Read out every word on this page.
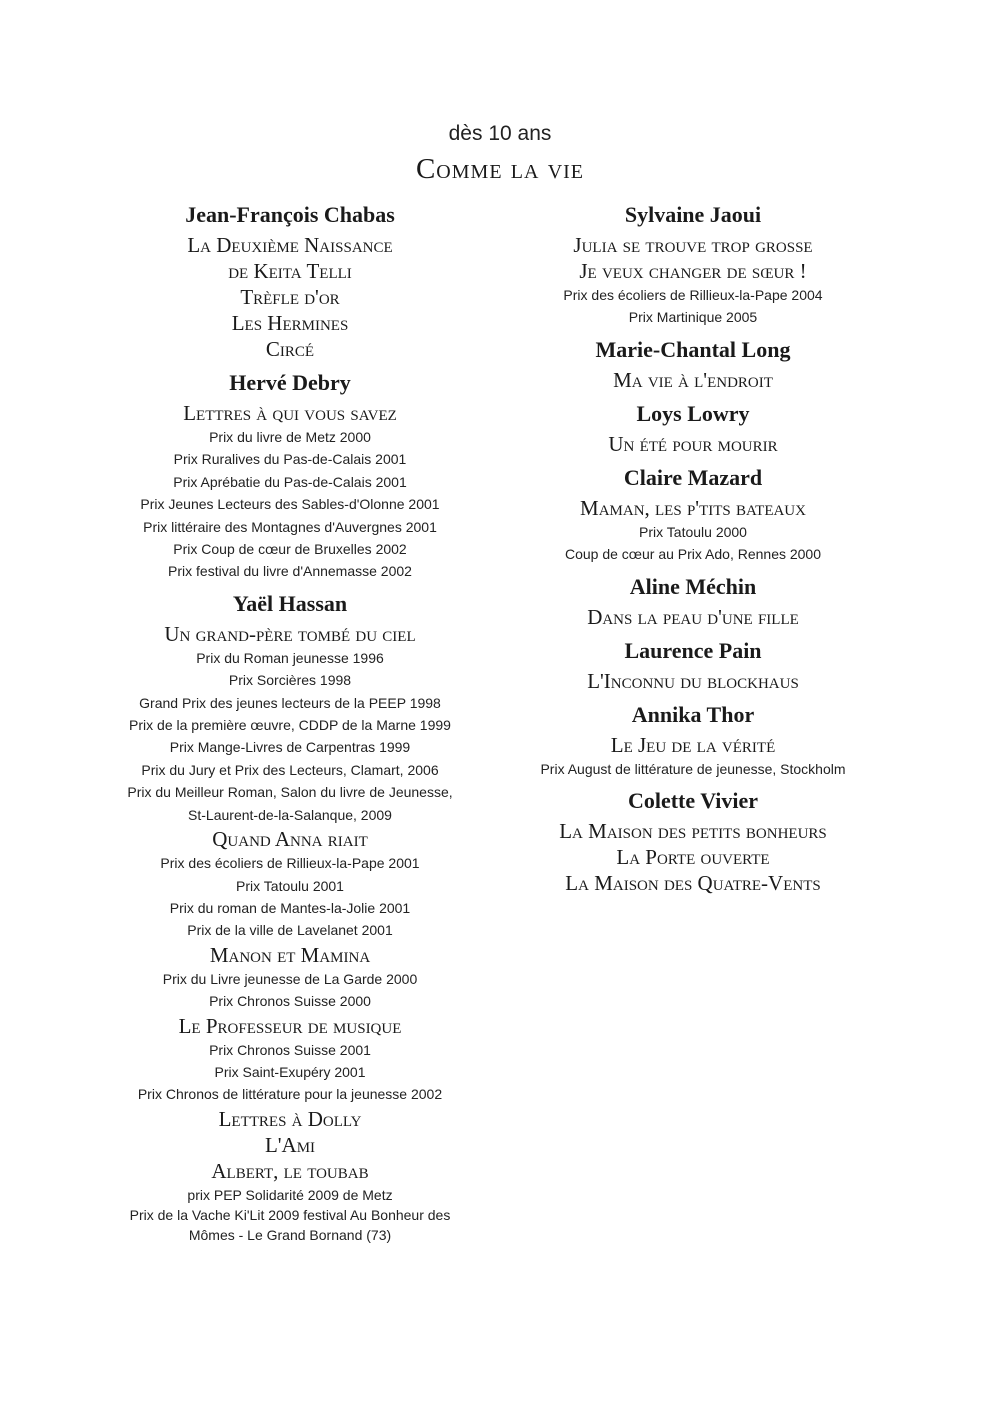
dès 10 ans
Comme la vie
Jean-François Chabas
La Deuxième Naissance
de Keita Telli
Trèfle d'or
Les Hermines
Circé
Hervé Debry
Lettres à qui vous savez
Prix du livre de Metz 2000
Prix Ruralives du Pas-de-Calais 2001
Prix Aprébatie du Pas-de-Calais 2001
Prix Jeunes Lecteurs des Sables-d'Olonne 2001
Prix littéraire des Montagnes d'Auvergnes 2001
Prix Coup de cœur de Bruxelles 2002
Prix festival du livre d'Annemasse 2002
Yaël Hassan
Un grand-père tombé du ciel
Prix du Roman jeunesse 1996
Prix Sorcières 1998
Grand Prix des jeunes lecteurs de la PEEP 1998
Prix de la première œuvre, CDDP de la Marne 1999
Prix Mange-Livres de Carpentras 1999
Prix du Jury et Prix des Lecteurs, Clamart, 2006
Prix du Meilleur Roman, Salon du livre de Jeunesse,
St-Laurent-de-la-Salanque, 2009
Quand Anna riait
Prix des écoliers de Rillieux-la-Pape 2001
Prix Tatoulu 2001
Prix du roman de Mantes-la-Jolie 2001
Prix de la ville de Lavelanet 2001
Manon et Mamina
Prix du Livre jeunesse de La Garde 2000
Prix Chronos Suisse 2000
Le Professeur de musique
Prix Chronos Suisse 2001
Prix Saint-Exupéry 2001
Prix Chronos de littérature pour la jeunesse 2002
Lettres à Dolly
L'Ami
Albert, le toubab
prix PEP Solidarité 2009 de Metz
Prix de la Vache Ki'Lit 2009 festival Au Bonheur des
Mômes - Le Grand Bornand (73)
Sylvaine Jaoui
Julia se trouve trop grosse
Je veux changer de sœur !
Prix des écoliers de Rillieux-la-Pape 2004
Prix Martinique 2005
Marie-Chantal Long
Ma vie à l'endroit
Loys Lowry
Un été pour mourir
Claire Mazard
Maman, les p'tits bateaux
Prix Tatoulu 2000
Coup de cœur au Prix Ado, Rennes 2000
Aline Méchin
Dans la peau d'une fille
Laurence Pain
L'Inconnu du blockhaus
Annika Thor
Le Jeu de la vérité
Prix August de littérature de jeunesse, Stockholm
Colette Vivier
La Maison des petits bonheurs
La Porte ouverte
La Maison des Quatre-Vents
